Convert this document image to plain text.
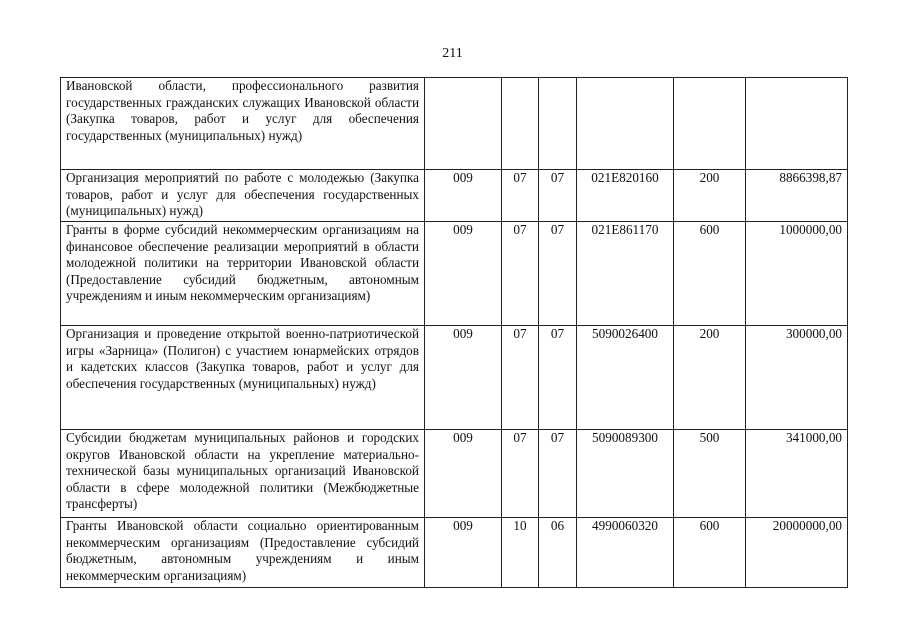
211
Ивановской области, профессионального развития государственных гражданских служащих Ивановской области (Закупка товаров, работ и услуг для обеспечения государственных (муниципальных) нужд)						
Организация мероприятий по работе с молодежью (Закупка товаров, работ и услуг для обеспечения государственных (муниципальных) нужд)	009	07	07	021E820160	200	8866398,87
Гранты в форме субсидий некоммерческим организациям на финансовое обеспечение реализации мероприятий в области молодежной политики на территории Ивановской области (Предоставление субсидий бюджетным, автономным учреждениям и иным некоммерческим организациям)	009	07	07	021E861170	600	1000000,00
Организация и проведение открытой военно-патриотической игры «Зарница» (Полигон) с участием юнармейских отрядов и кадетских классов (Закупка товаров, работ и услуг для обеспечения государственных (муниципальных) нужд)	009	07	07	5090026400	200	300000,00
Субсидии бюджетам муниципальных районов и городских округов Ивановской области на укрепление материально-технической базы муниципальных организаций Ивановской области в сфере молодежной политики (Межбюджетные трансферты)	009	07	07	5090089300	500	341000,00
Гранты Ивановской области социально ориентированным некоммерческим организациям (Предоставление субсидий бюджетным, автономным учреждениям и иным некоммерческим организациям)	009	10	06	4990060320	600	20000000,00
